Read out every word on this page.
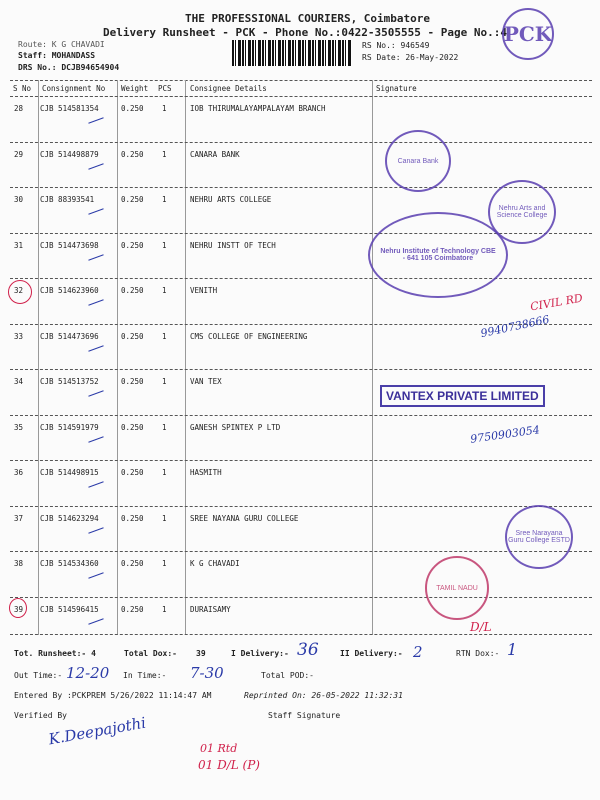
THE PROFESSIONAL COURIERS, Coimbatore
Delivery Runsheet - PCK - Phone No.:0422-3505555 - Page No.:4
Route: K G CHAVADI
Staff: MOHANDASS
DRS No.: DCJB94654904
RS No.: 946549
RS Date: 26-May-2022
PCK
S No Consignment No Weight PCS Consignee Details	Signature
28 CJB 514581354	0.250 1	IOB THIRUMALAYAMPALAYAM BRANCH
29 CJB 514498879	0.250 1	CANARA BANK
30 CJB 88393541	0.250 1	NEHRU ARTS COLLEGE
31 CJB 514473698	0.250 1	NEHRU INSTT OF TECH
32 CJB 514623960	0.250 1	VENITH
33 CJB 514473696	0.250 1	CMS COLLEGE OF ENGINEERING
34 CJB 514513752	0.250 1	VAN TEX
35 CJB 514591979	0.250 1	GANESH SPINTEX P LTD
36 CJB 514498915	0.250 1	HASMITH
37 CJB 514623294	0.250 1	SREE NAYANA GURU COLLEGE
38 CJB 514534360	0.250 1	K G CHAVADI
39 CJB 514596415	0.250 1	DURAISAMY
Canara Bank
Nehru Arts and Science College
Nehru Institute of Technology CBE - 641 105 Coimbatore
VANTEX PRIVATE LIMITED
Sree Narayana Guru College ESTD
TAMIL NADU
9940738666
9750903054
CIVIL RD
D/L
Tot. Runsheet:- 4	Total Dox:- 39	I Delivery:- 36	II Delivery:- 2	RTN Dox:- 1
Out Time:- 12-20 In Time:- 7-30	Total POD:-
Entered By :PCKPREM 5/26/2022 11:14:47 AM	Reprinted On: 26-05-2022 11:32:31
Verified By	Staff Signature
K.Deepajothi
01 Rtd
01 D/L (P)
